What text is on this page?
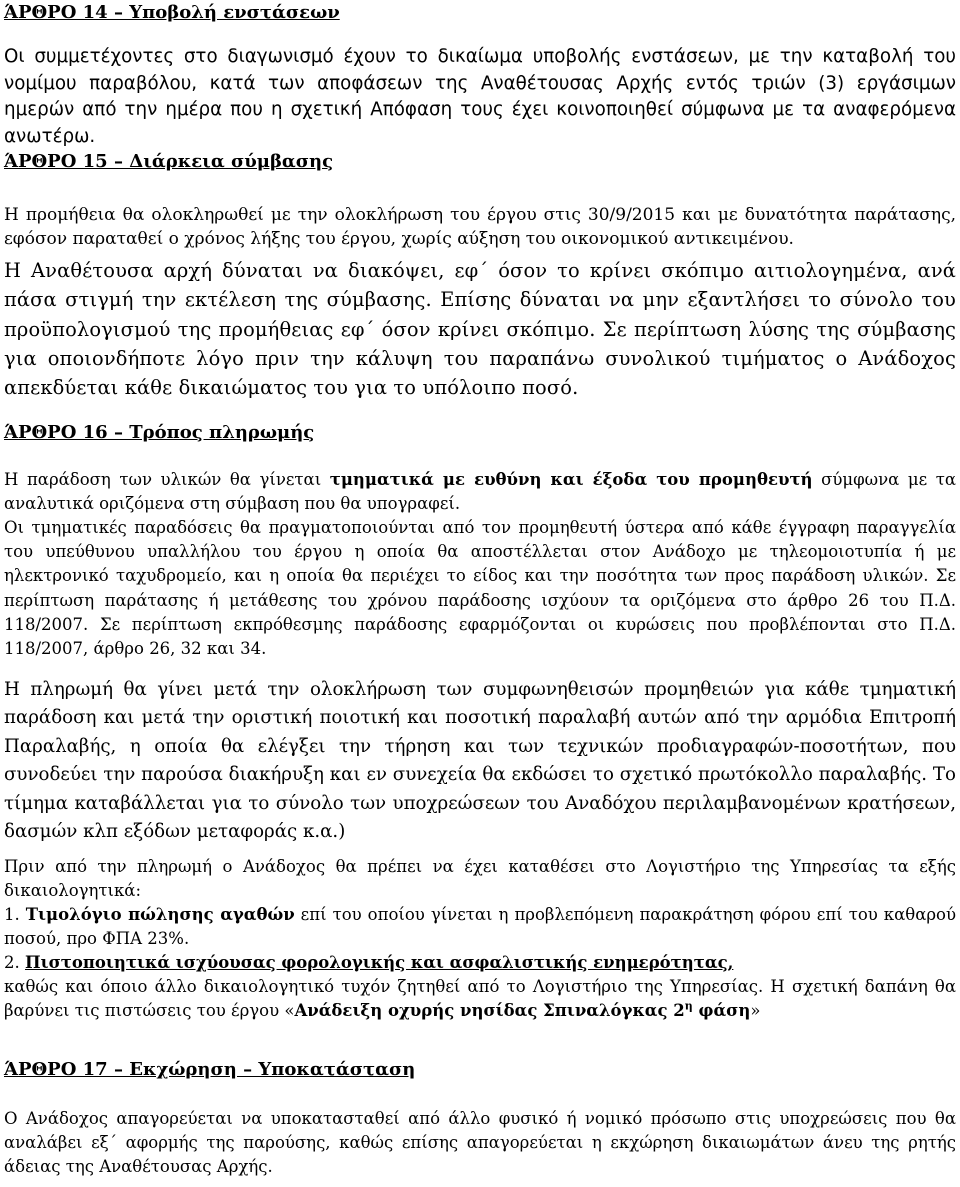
ΆΡΘΡΟ 14 – Υποβολή ενστάσεων

Οι συμμετέχοντες στο διαγωνισμό έχουν το δικαίωμα υποβολής ενστάσεων, με την καταβολή του νομίμου παραβόλου, κατά των αποφάσεων της Αναθέτουσας Αρχής εντός τριών (3) εργάσιμων ημερών από την ημέρα που η σχετική Απόφαση τους έχει κοινοποιηθεί σύμφωνα με τα αναφερόμενα ανωτέρω.

ΆΡΘΡΟ 15 – Διάρκεια σύμβασης

Η προμήθεια θα ολοκληρωθεί με την ολοκλήρωση του έργου στις 30/9/2015 και με δυνατότητα παράτασης, εφόσον παραταθεί ο χρόνος λήξης του έργου, χωρίς αύξηση του οικονομικού αντικειμένου.

Η Αναθέτουσα αρχή δύναται να διακόψει, εφ΄ όσον το κρίνει σκόπιμο αιτιολογημένα, ανά πάσα στιγμή την εκτέλεση της σύμβασης. Επίσης δύναται να μην εξαντλήσει το σύνολο του προϋπολογισμού της προμήθειας εφ΄ όσον κρίνει σκόπιμο. Σε περίπτωση λύσης της σύμβασης για οποιονδήποτε λόγο πριν την κάλυψη του παραπάνω συνολικού τιμήματος ο Ανάδοχος απεκδύεται κάθε δικαιώματος του για το υπόλοιπο ποσό.

ΆΡΘΡΟ 16 – Τρόπος πληρωμής

Η παράδοση των υλικών θα γίνεται τμηματικά με ευθύνη και έξοδα του προμηθευτή σύμφωνα με τα αναλυτικά οριζόμενα στη σύμβαση που θα υπογραφεί.

Οι τμηματικές παραδόσεις θα πραγματοποιούνται από τον προμηθευτή ύστερα από κάθε έγγραφη παραγγελία του υπεύθυνου υπαλλήλου του έργου η οποία θα αποστέλλεται στον Ανάδοχο με τηλεομοιοτυπία ή με ηλεκτρονικό ταχυδρομείο, και η οποία θα περιέχει το είδος και την ποσότητα των προς παράδοση υλικών. Σε περίπτωση παράτασης ή μετάθεσης του χρόνου παράδοσης ισχύουν τα οριζόμενα στο άρθρο 26 του Π.Δ. 118/2007. Σε περίπτωση εκπρόθεσμης παράδοσης εφαρμόζονται οι κυρώσεις που προβλέπονται στο Π.Δ. 118/2007, άρθρο 26, 32 και 34.

Η πληρωμή θα γίνει μετά την ολοκλήρωση των συμφωνηθεισών προμηθειών για κάθε τμηματική παράδοση και μετά την οριστική ποιοτική και ποσοτική παραλαβή αυτών από την αρμόδια Επιτροπή Παραλαβής, η οποία θα ελέγξει την τήρηση και των τεχνικών προδιαγραφών-ποσοτήτων, που συνοδεύει την παρούσα διακήρυξη και εν συνεχεία θα εκδώσει το σχετικό πρωτόκολλο παραλαβής. Το τίμημα καταβάλλεται για το σύνολο των υποχρεώσεων του Αναδόχου περιλαμβανομένων κρατήσεων, δασμών κλπ εξόδων μεταφοράς κ.α.)

Πριν από την πληρωμή ο Ανάδοχος θα πρέπει να έχει καταθέσει στο Λογιστήριο της Υπηρεσίας τα εξής δικαιολογητικά:

1. Τιμολόγιο πώλησης αγαθών επί του οποίου γίνεται η προβλεπόμενη παρακράτηση φόρου επί του καθαρού ποσού, προ ΦΠΑ 23%.

2. Πιστοποιητικά ισχύουσας φορολογικής και ασφαλιστικής ενημερότητας,

καθώς και όποιο άλλο δικαιολογητικό τυχόν ζητηθεί από το Λογιστήριο της Υπηρεσίας. Η σχετική δαπάνη θα βαρύνει τις πιστώσεις του έργου «Ανάδειξη οχυρής νησίδας Σπιναλόγκας $2^\eta$ φάση»

ΆΡΘΡΟ 17 – Εκχώρηση – Υποκατάσταση

Ο Ανάδοχος απαγορεύεται να υποκατασταθεί από άλλο φυσικό ή νομικό πρόσωπο στις υποχρεώσεις που θα αναλάβει εξ΄ αφορμής της παρούσης, καθώς επίσης απαγορεύεται η εκχώρηση δικαιωμάτων άνευ της ρητής άδειας της Αναθέτουσας Αρχής.
